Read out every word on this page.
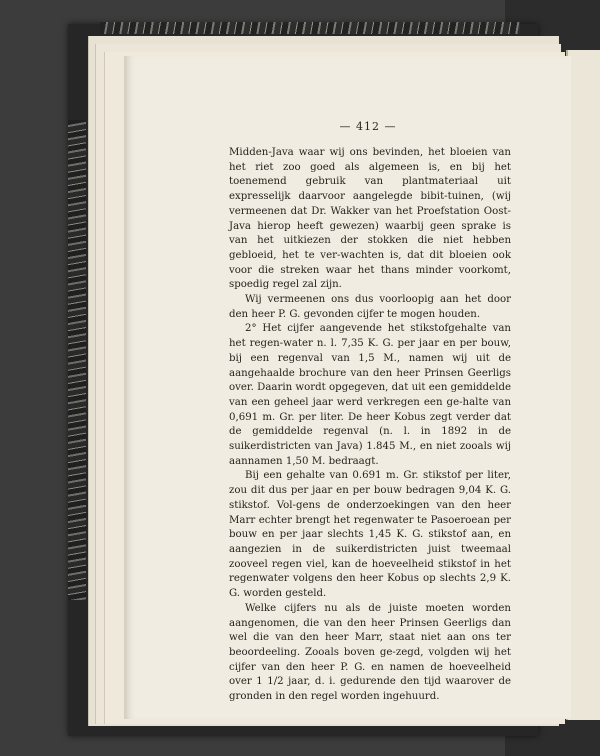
— 412 —

Midden-Java waar wij ons bevinden, het bloeien van het riet zoo goed als algemeen is, en bij het toenemend gebruik van plantmateriaal uit expresselijk daarvoor aangelegde bibit-tuinen, (wij vermeenen dat Dr. Wakker van het Proefstation Oost-Java hierop heeft gewezen) waarbij geen sprake is van het uitkiezen der stokken die niet hebben gebloeid, het te ver-wachten is, dat dit bloeien ook voor die streken waar het thans minder voorkomt, spoedig regel zal zijn.

Wij vermeenen ons dus voorloopig aan het door den heer P. G. gevonden cijfer te mogen houden.

2° Het cijfer aangevende het stikstofgehalte van het regen-water n. l. 7,35 K. G. per jaar en per bouw, bij een regenval van 1,5 M., namen wij uit de aangehaalde brochure van den heer Prinsen Geerligs over. Daarin wordt opgegeven, dat uit een gemiddelde van een geheel jaar werd verkregen een ge-halte van 0,691 m. Gr. per liter. De heer Kobus zegt verder dat de gemiddelde regenval (n. l. in 1892 in de suikerdistricten van Java) 1.845 M., en niet zooals wij aannamen 1,50 M. bedraagt.

Bij een gehalte van 0.691 m. Gr. stikstof per liter, zou dit dus per jaar en per bouw bedragen 9,04 K. G. stikstof. Vol-gens de onderzoekingen van den heer Marr echter brengt het regenwater te Pasoeroean per bouw en per jaar slechts 1,45 K. G. stikstof aan, en aangezien in de suikerdistricten juist tweemaal zooveel regen viel, kan de hoeveelheid stikstof in het regenwater volgens den heer Kobus op slechts 2,9 K. G. worden gesteld.

Welke cijfers nu als de juiste moeten worden aangenomen, die van den heer Prinsen Geerligs dan wel die van den heer Marr, staat niet aan ons ter beoordeeling. Zooals boven ge-zegd, volgden wij het cijfer van den heer P. G. en namen de hoeveelheid over 1 1/2 jaar, d. i. gedurende den tijd waarover de gronden in den regel worden ingehuurd.
